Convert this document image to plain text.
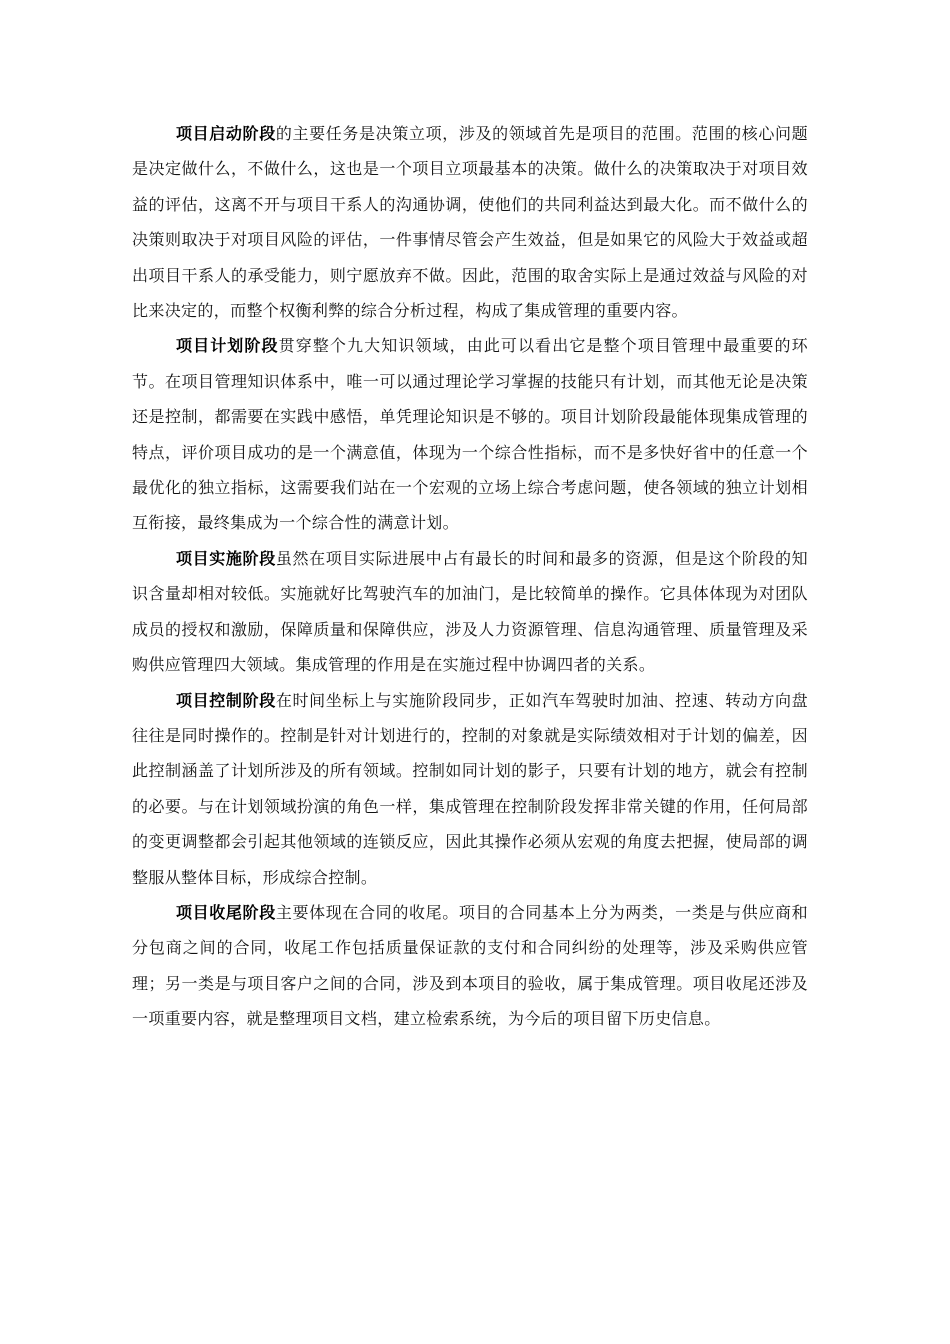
项目启动阶段的主要任务是决策立项，涉及的领域首先是项目的范围。范围的核心问题是决定做什么，不做什么，这也是一个项目立项最基本的决策。做什么的决策取决于对项目效益的评估，这离不开与项目干系人的沟通协调，使他们的共同利益达到最大化。而不做什么的决策则取决于对项目风险的评估，一件事情尽管会产生效益，但是如果它的风险大于效益或超出项目干系人的承受能力，则宁愿放弃不做。因此，范围的取舍实际上是通过效益与风险的对比来决定的，而整个权衡利弊的综合分析过程，构成了集成管理的重要内容。

项目计划阶段贯穿整个九大知识领域，由此可以看出它是整个项目管理中最重要的环节。在项目管理知识体系中，唯一可以通过理论学习掌握的技能只有计划，而其他无论是决策还是控制，都需要在实践中感悟，单凭理论知识是不够的。项目计划阶段最能体现集成管理的特点，评价项目成功的是一个满意值，体现为一个综合性指标，而不是多快好省中的任意一个最优化的独立指标，这需要我们站在一个宏观的立场上综合考虑问题，使各领域的独立计划相互衔接，最终集成为一个综合性的满意计划。

项目实施阶段虽然在项目实际进展中占有最长的时间和最多的资源，但是这个阶段的知识含量却相对较低。实施就好比驾驶汽车的加油门，是比较简单的操作。它具体体现为对团队成员的授权和激励，保障质量和保障供应，涉及人力资源管理、信息沟通管理、质量管理及采购供应管理四大领域。集成管理的作用是在实施过程中协调四者的关系。

项目控制阶段在时间坐标上与实施阶段同步，正如汽车驾驶时加油、控速、转动方向盘往往是同时操作的。控制是针对计划进行的，控制的对象就是实际绩效相对于计划的偏差，因此控制涵盖了计划所涉及的所有领域。控制如同计划的影子，只要有计划的地方，就会有控制的必要。与在计划领域扮演的角色一样，集成管理在控制阶段发挥非常关键的作用，任何局部的变更调整都会引起其他领域的连锁反应，因此其操作必须从宏观的角度去把握，使局部的调整服从整体目标，形成综合控制。

项目收尾阶段主要体现在合同的收尾。项目的合同基本上分为两类，一类是与供应商和分包商之间的合同，收尾工作包括质量保证款的支付和合同纠纷的处理等，涉及采购供应管理；另一类是与项目客户之间的合同，涉及到本项目的验收，属于集成管理。项目收尾还涉及一项重要内容，就是整理项目文档，建立检索系统，为今后的项目留下历史信息。
